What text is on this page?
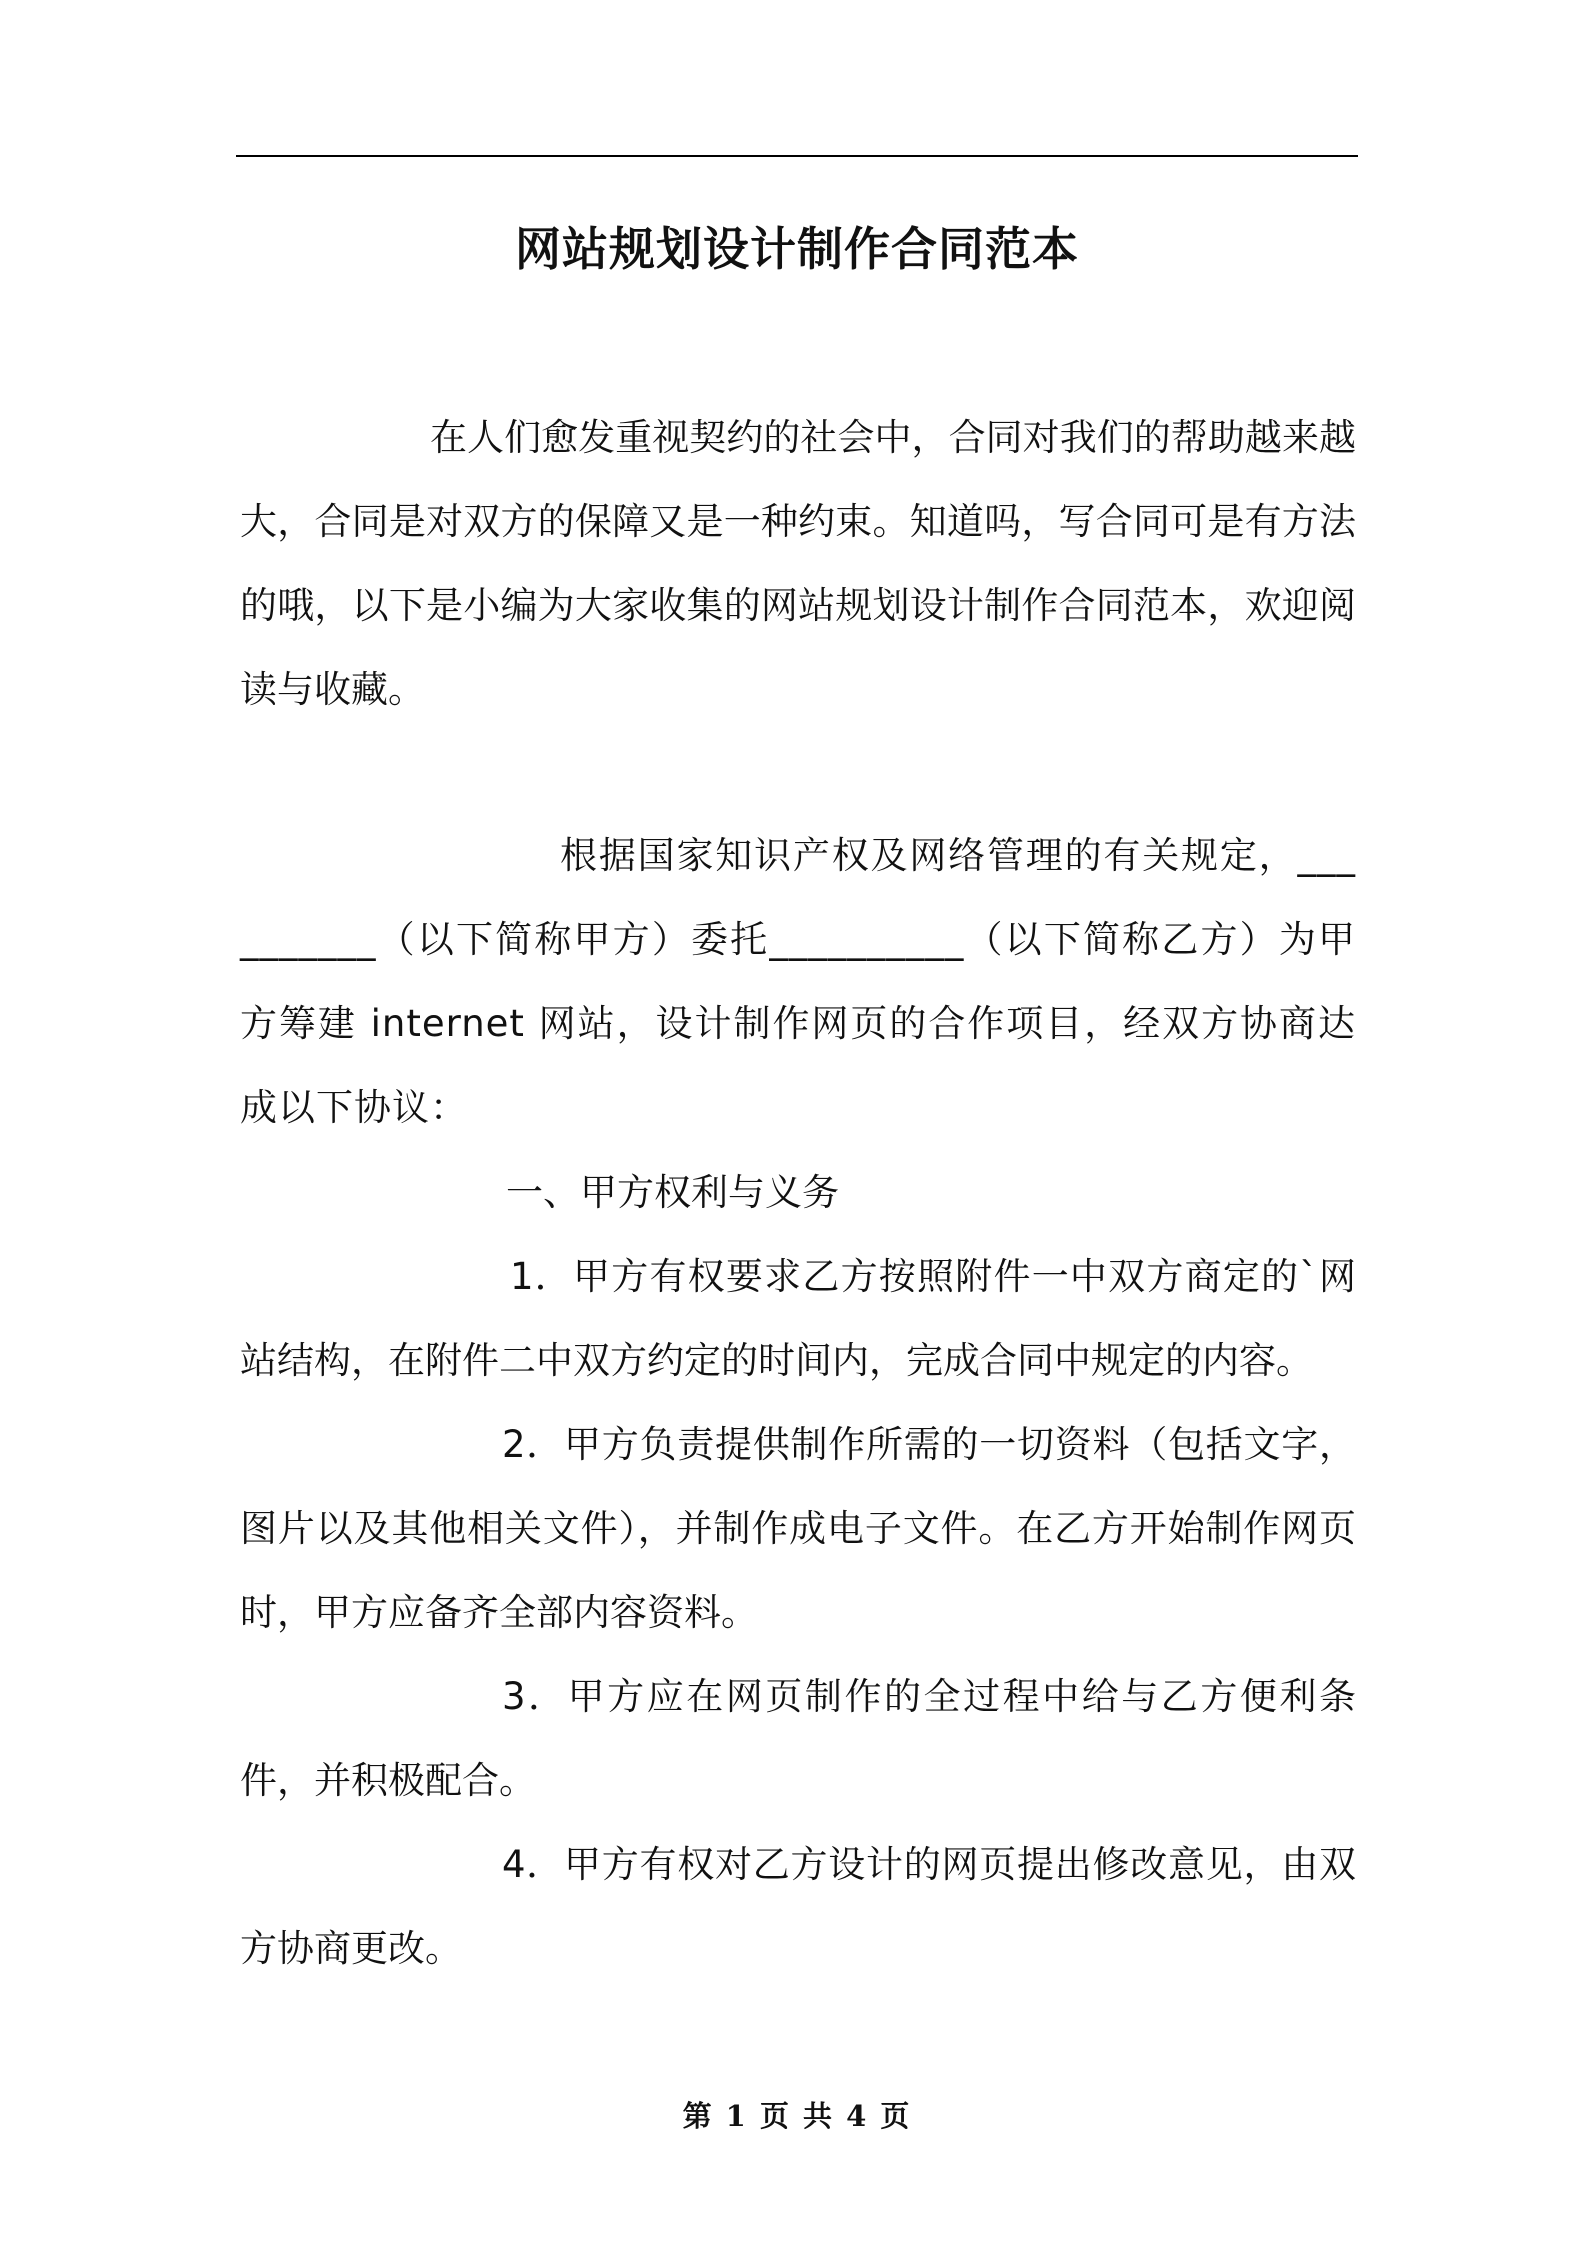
网站规划设计制作合同范本

在人们愈发重视契约的社会中，合同对我们的帮助越来越大，合同是对双方的保障又是一种约束。知道吗，写合同可是有方法的哦，以下是小编为大家收集的网站规划设计制作合同范本，欢迎阅读与收藏。

根据国家知识产权及网络管理的有关规定，__________（以下简称甲方）委托__________（以下简称乙方）为甲方筹建 internet 网站，设计制作网页的合作项目，经双方协商达成以下协议：

一、甲方权利与义务

1．甲方有权要求乙方按照附件一中双方商定的`网站结构，在附件二中双方约定的时间内，完成合同中规定的内容。

2．甲方负责提供制作所需的一切资料（包括文字，图片以及其他相关文件），并制作成电子文件。在乙方开始制作网页时，甲方应备齐全部内容资料。

3．甲方应在网页制作的全过程中给与乙方便利条件，并积极配合。

4．甲方有权对乙方设计的网页提出修改意见，由双方协商更改。

第 1 页 共 4 页
